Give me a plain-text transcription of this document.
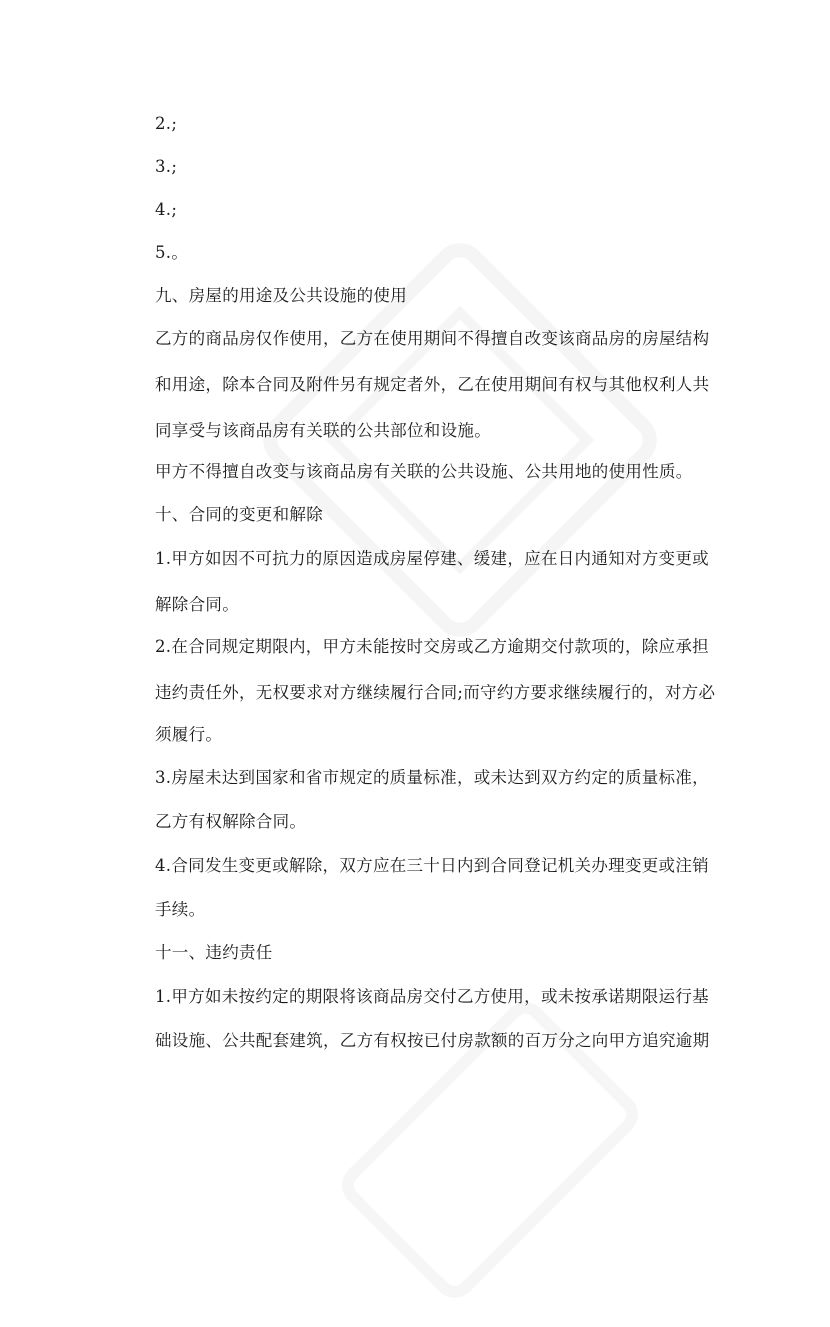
2.;
3.;
4.;
5.。
九、房屋的用途及公共设施的使用
乙方的商品房仅作使用，乙方在使用期间不得擅自改变该商品房的房屋结构
和用途，除本合同及附件另有规定者外，乙在使用期间有权与其他权利人共
同享受与该商品房有关联的公共部位和设施。
甲方不得擅自改变与该商品房有关联的公共设施、公共用地的使用性质。
十、合同的变更和解除
1.甲方如因不可抗力的原因造成房屋停建、缓建，应在日内通知对方变更或
解除合同。
2.在合同规定期限内，甲方未能按时交房或乙方逾期交付款项的，除应承担
违约责任外，无权要求对方继续履行合同;而守约方要求继续履行的，对方必
须履行。
3.房屋未达到国家和省市规定的质量标准，或未达到双方约定的质量标准，
乙方有权解除合同。
4.合同发生变更或解除，双方应在三十日内到合同登记机关办理变更或注销
手续。
十一、违约责任
1.甲方如未按约定的期限将该商品房交付乙方使用，或未按承诺期限运行基
础设施、公共配套建筑，乙方有权按已付房款额的百万分之向甲方追究逾期
